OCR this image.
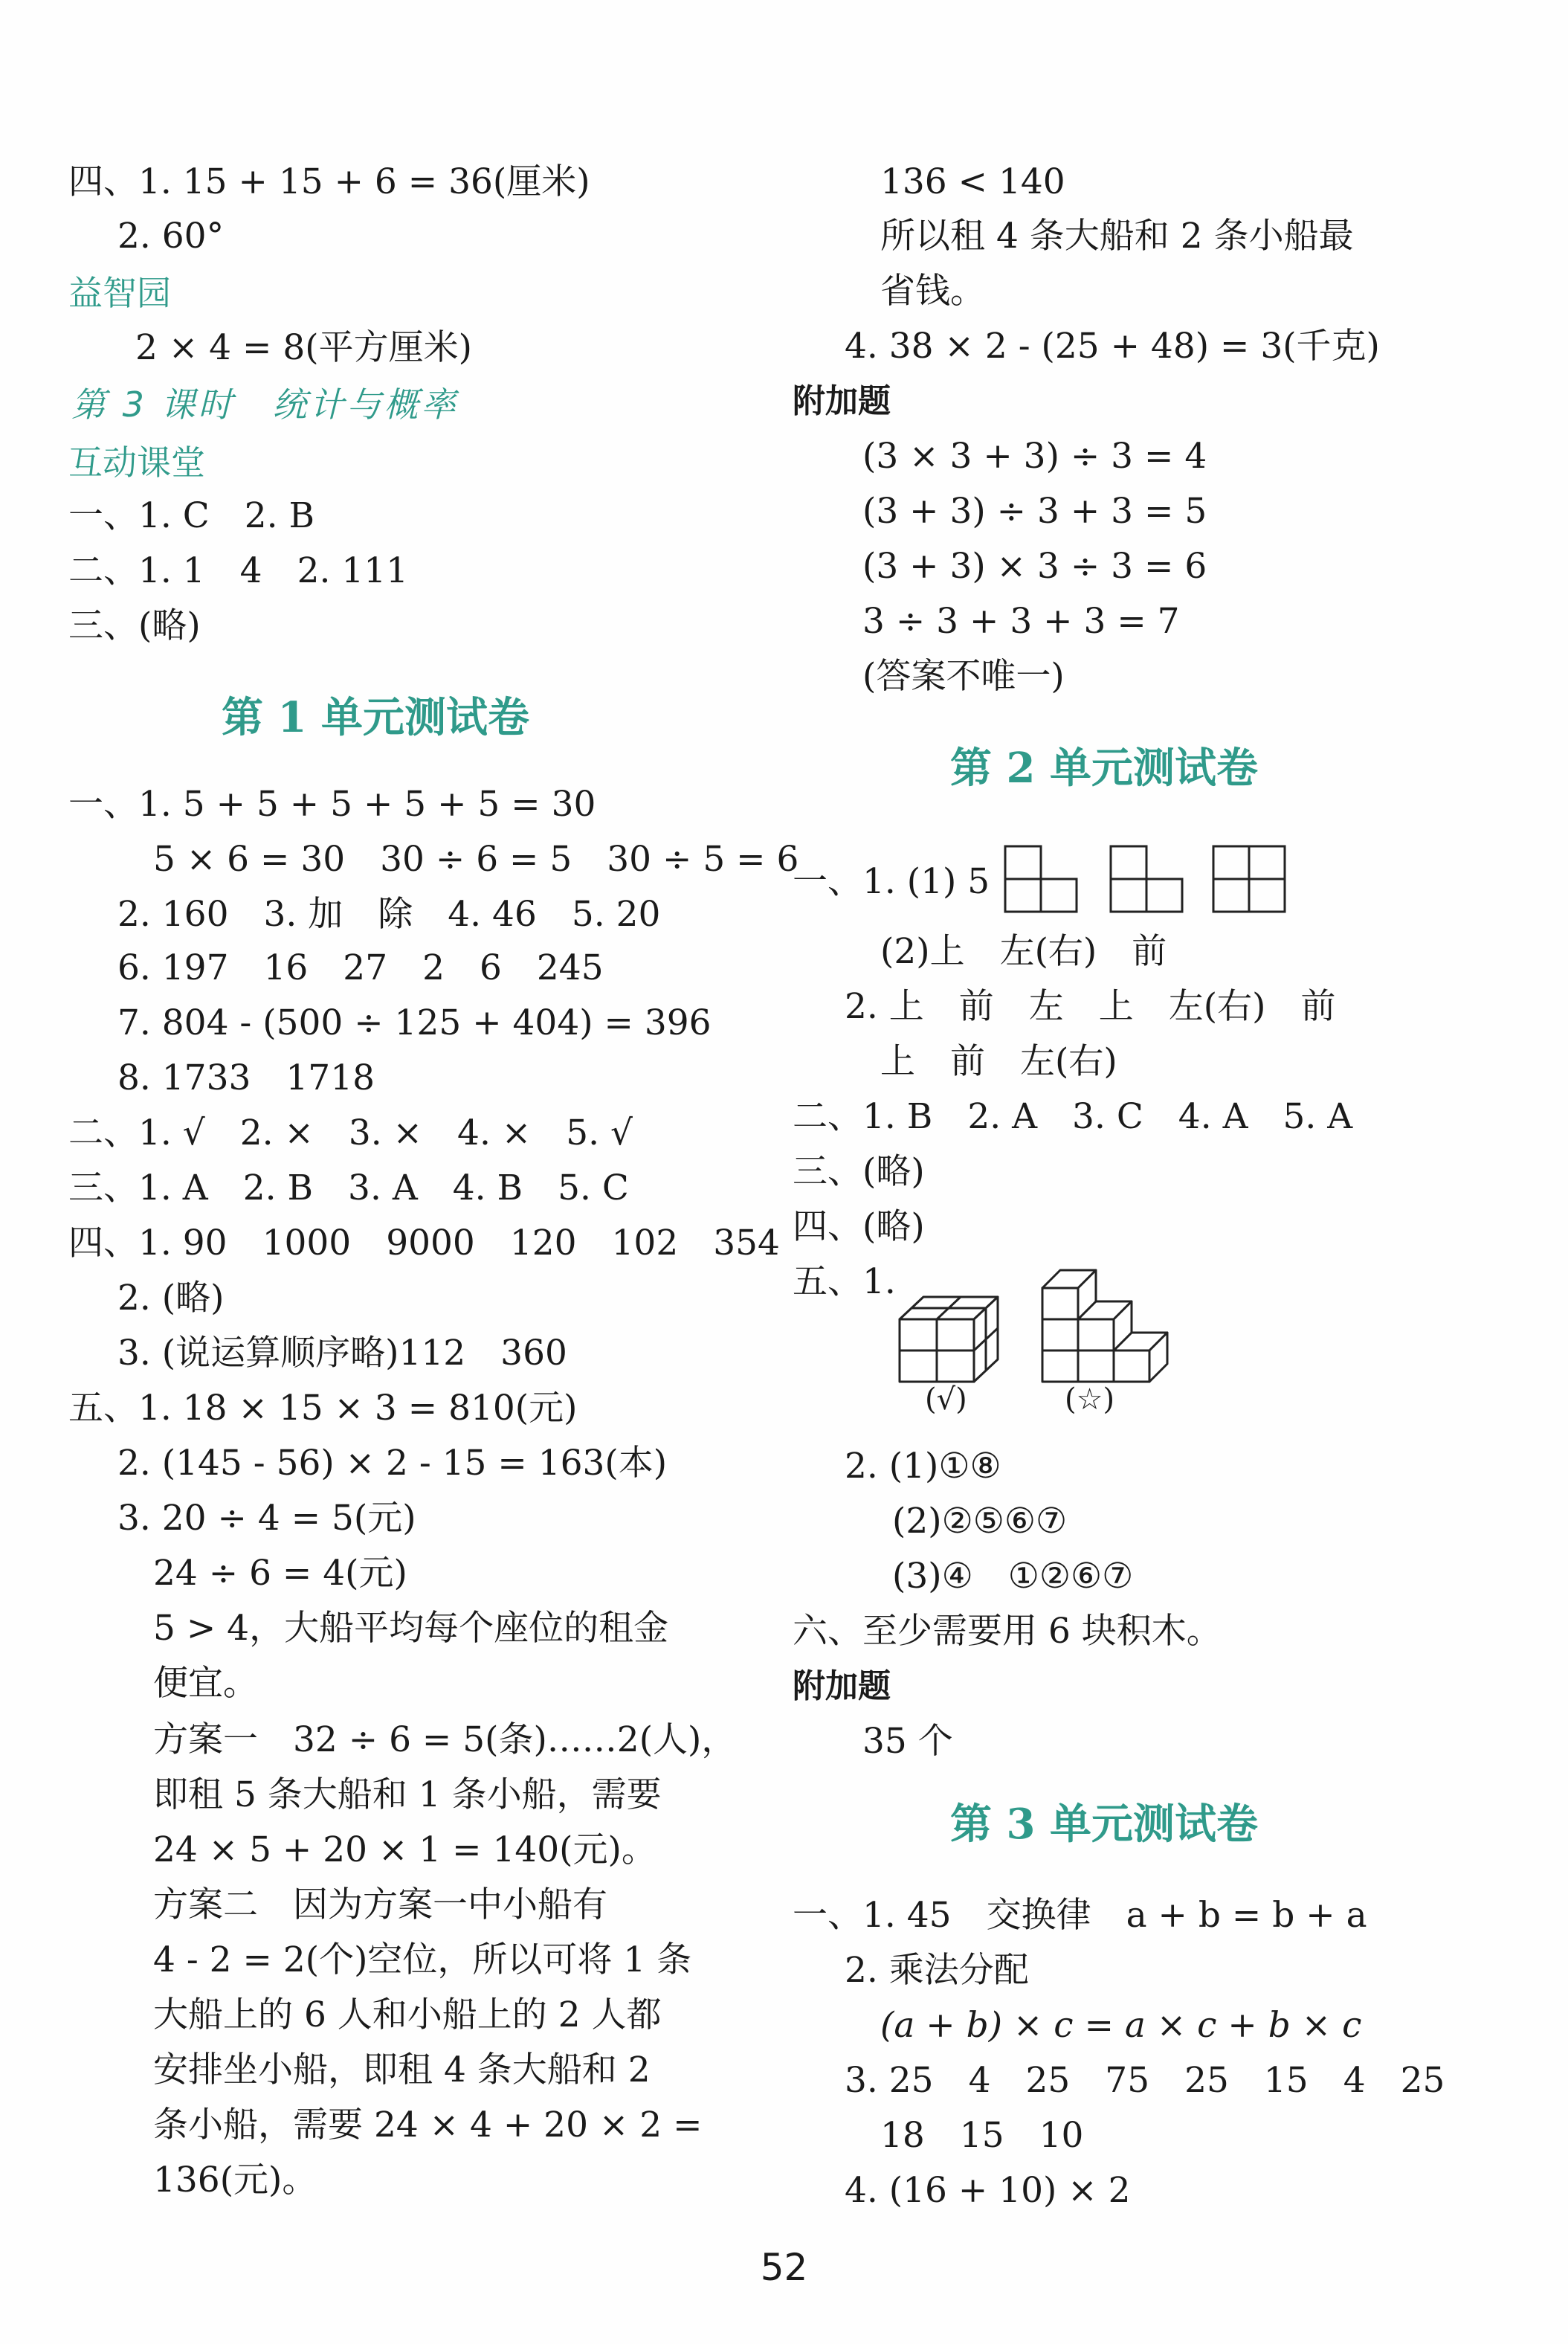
四、1. 15 + 15 + 6 = 36(厘米)
2. 60°
益智园
2 × 4 = 8(平方厘米)
第 3 课时　统计与概率
互动课堂
一、1. C　2. B
二、1. 1　4　2. 111
三、(略)
第 1 单元测试卷
一、1. 5 + 5 + 5 + 5 + 5 = 30
5 × 6 = 30　30 ÷ 6 = 5　30 ÷ 5 = 6
2. 160　3. 加　除　4. 46　5. 20
6. 197　16　27　2　6　245
7. 804 - (500 ÷ 125 + 404) = 396
8. 1733　1718
二、1. √　2. ×　3. ×　4. ×　5. √
三、1. A　2. B　3. A　4. B　5. C
四、1. 90　1000　9000　120　102　354
2. (略)
3. (说运算顺序略)112　360
五、1. 18 × 15 × 3 = 810(元)
2. (145 - 56) × 2 - 15 = 163(本)
3. 20 ÷ 4 = 5(元)
24 ÷ 6 = 4(元)
5 > 4，大船平均每个座位的租金
便宜。
方案一　32 ÷ 6 = 5(条)……2(人)，
即租 5 条大船和 1 条小船，需要
24 × 5 + 20 × 1 = 140(元)。
方案二　因为方案一中小船有
4 - 2 = 2(个)空位，所以可将 1 条
大船上的 6 人和小船上的 2 人都
安排坐小船，即租 4 条大船和 2
条小船，需要 24 × 4 + 20 × 2 =
136(元)。
136 < 140
所以租 4 条大船和 2 条小船最
省钱。
4. 38 × 2 - (25 + 48) = 3(千克)
附加题
(3 × 3 + 3) ÷ 3 = 4
(3 + 3) ÷ 3 + 3 = 5
(3 + 3) × 3 ÷ 3 = 6
3 ÷ 3 + 3 + 3 = 7
(答案不唯一)
第 2 单元测试卷
一、1. (1) 5
(2)上　左(右)　前
2. 上　前　左　上　左(右)　前
上　前　左(右)
二、1. B　2. A　3. C　4. A　5. A
三、(略)
四、(略)
五、1.
(√)	(☆)
2. (1)①⑧
(2)②⑤⑥⑦
(3)④　①②⑥⑦
六、至少需要用 6 块积木。
附加题
35 个
第 3 单元测试卷
一、1. 45　交换律　a + b = b + a
2. 乘法分配
(a + b) × c = a × c + b × c
3. 25　4　25　75　25　15　4　25
18　15　10
4. (16 + 10) × 2
52
